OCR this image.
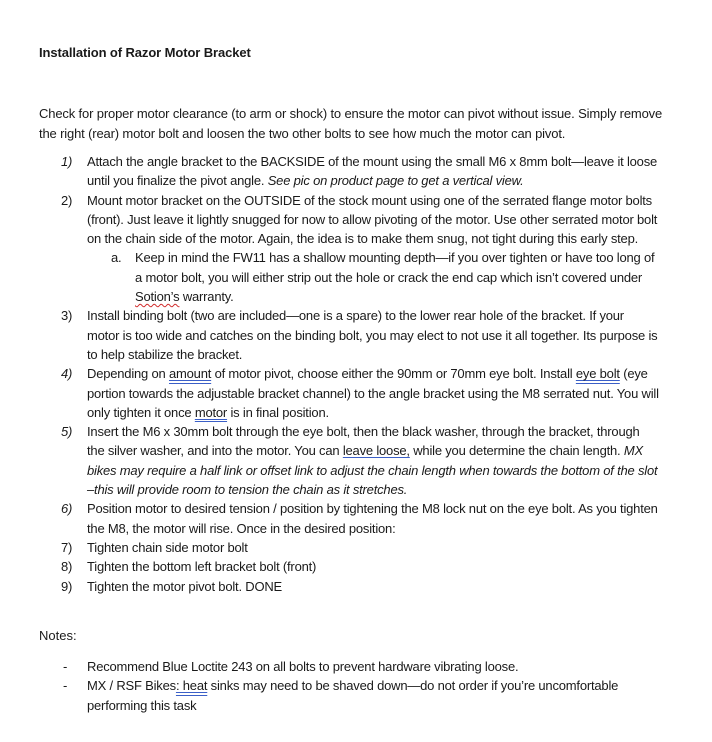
Installation of Razor Motor Bracket
Check for proper motor clearance (to arm or shock) to ensure the motor can pivot without issue. Simply remove the right (rear) motor bolt and loosen the two other bolts to see how much the motor can pivot.
1) Attach the angle bracket to the BACKSIDE of the mount using the small M6 x 8mm bolt—leave it loose until you finalize the pivot angle. See pic on product page to get a vertical view.
2) Mount motor bracket on the OUTSIDE of the stock mount using one of the serrated flange motor bolts (front). Just leave it lightly snugged for now to allow pivoting of the motor. Use other serrated motor bolt on the chain side of the motor. Again, the idea is to make them snug, not tight during this early step.
a. Keep in mind the FW11 has a shallow mounting depth—if you over tighten or have too long of a motor bolt, you will either strip out the hole or crack the end cap which isn’t covered under Sotion’s warranty.
3) Install binding bolt (two are included—one is a spare) to the lower rear hole of the bracket. If your motor is too wide and catches on the binding bolt, you may elect to not use it all together. Its purpose is to help stabilize the bracket.
4) Depending on amount of motor pivot, choose either the 90mm or 70mm eye bolt. Install eye bolt (eye portion towards the adjustable bracket channel) to the angle bracket using the M8 serrated nut. You will only tighten it once motor is in final position.
5) Insert the M6 x 30mm bolt through the eye bolt, then the black washer, through the bracket, through the silver washer, and into the motor. You can leave loose, while you determine the chain length. MX bikes may require a half link or offset link to adjust the chain length when towards the bottom of the slot –this will provide room to tension the chain as it stretches.
6) Position motor to desired tension / position by tightening the M8 lock nut on the eye bolt. As you tighten the M8, the motor will rise. Once in the desired position:
7) Tighten chain side motor bolt
8) Tighten the bottom left bracket bolt (front)
9) Tighten the motor pivot bolt. DONE
Notes:
- Recommend Blue Loctite 243 on all bolts to prevent hardware vibrating loose.
- MX / RSF Bikes: heat sinks may need to be shaved down—do not order if you’re uncomfortable performing this task
